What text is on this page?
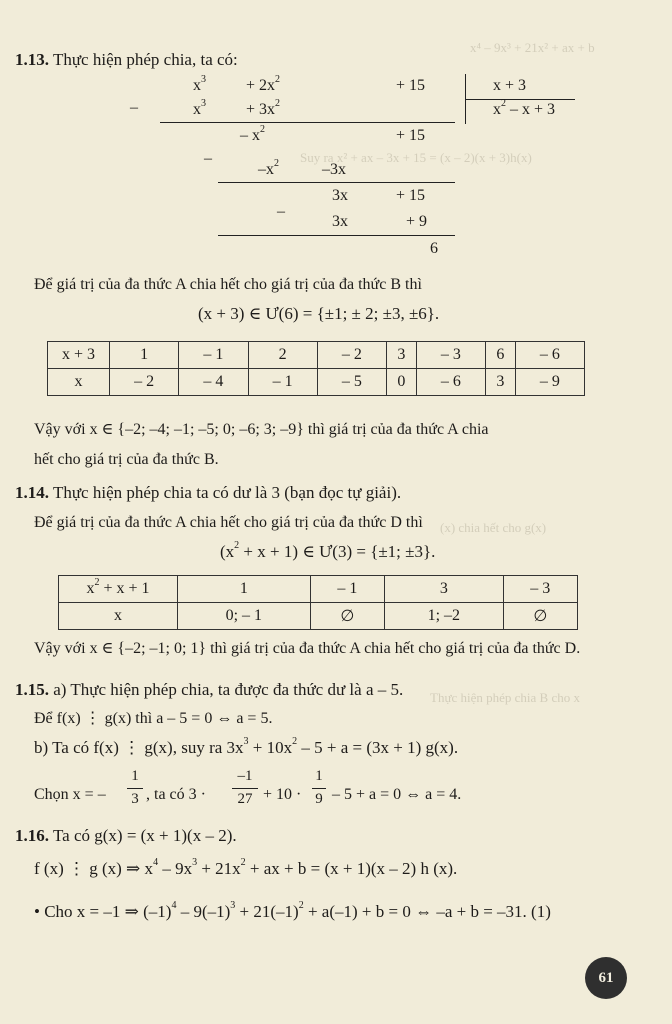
x⁴ – 9x³ + 21x² + ax + b
Suy ra x² + ax – 3x + 15 = (x – 2)(x + 3)h(x)
(x) chia hết cho g(x)
Thực hiện phép chia B cho x
1.13. Thực hiện phép chia, ta có:
$x^3$	+ $2x^2$	+ 15	x + 3
$x^2 - x + 3$
–	$x^3$	+ $3x^2$
– $x^2$	+ 15
–
$-x^2$	–3x
3x	+ 15
–
3x	+ 9
6
Để giá trị của đa thức A chia hết cho giá trị của đa thức B thì
(x + 3) ∈ Ư(6) = {±1; ± 2; ±3, ±6}.
x + 3	1	– 1	2	– 2	3	– 3	6	– 6
x	– 2	– 4	– 1	– 5	0	– 6	3	– 9
Vậy với x ∈ {–2; –4; –1; –5; 0; –6; 3; –9} thì giá trị của đa thức A chia
hết cho giá trị của đa thức B.
1.14. Thực hiện phép chia ta có dư là 3 (bạn đọc tự giải).
Để giá trị của đa thức A chia hết cho giá trị của đa thức D thì
$(x^2 + x + 1)$ ∈ Ư(3) = {±1; ±3}.
$x^2 + x + 1$	1	– 1	3	– 3
x	0; – 1	∅	1; –2	∅
Vậy với x ∈ {–2; –1; 0; 1} thì giá trị của đa thức A chia hết cho giá trị của đa thức D.
1.15. a) Thực hiện phép chia, ta được đa thức dư là a – 5.
Để f(x) ⋮ g(x) thì a – 5 = 0 ⇔ a = 5.
b) Ta có f(x) ⋮ g(x), suy ra $3x^3 + 10x^2 - 5 + a = (3x + 1)$ g(x).
Chọn x = –
1
3 , ta có 3 ·
–1
27 + 10 ·
1
9 – 5 + a = 0 ⇔ a = 4.
1.16. Ta có g(x) = (x + 1)(x – 2).
f (x) ⋮ g (x) ⇒ $x^4 - 9x^3 + 21x^2$ + ax + b = (x + 1)(x – 2) h (x).
• Cho x = –1 ⇒ $(-1)^4 - 9(-1)^3 + 21(-1)^2 + a(-1) + b = 0$ ⇔ –a + b = –31. (1)
61
